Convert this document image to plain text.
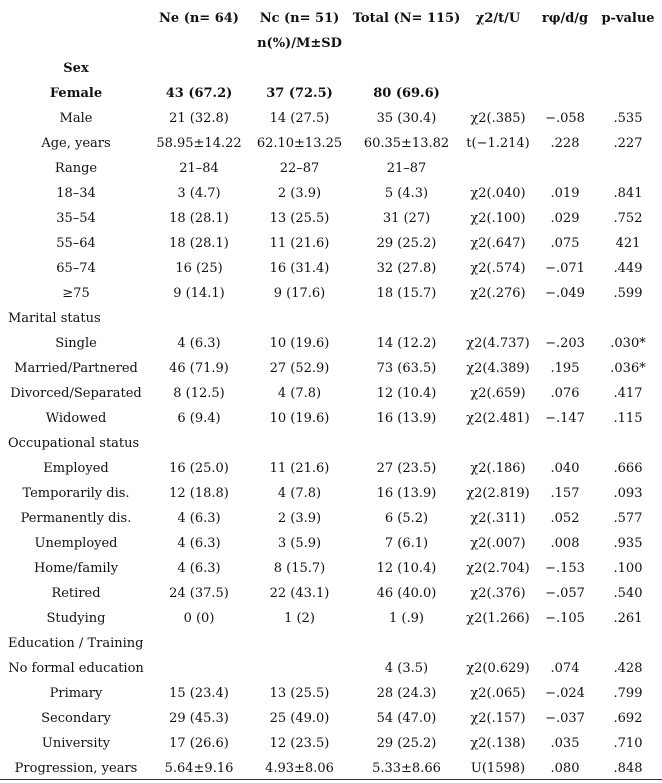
	Ne (n= 64)	Nc (n= 51)	Total (N= 115)	χ2/t/U	rφ/d/g	p-value
		n(%)/M±SD				
Sex						
Female	43 (67.2)	37 (72.5)	80 (69.6)			
Male	21 (32.8)	14 (27.5)	35 (30.4)	χ2(.385)	−.058	.535
Age, years	58.95±14.22	62.10±13.25	60.35±13.82	t(−1.214)	.228	.227
Range	21–84	22–87	21–87			
18–34	3 (4.7)	2 (3.9)	5 (4.3)	χ2(.040)	.019	.841
35–54	18 (28.1)	13 (25.5)	31 (27)	χ2(.100)	.029	.752
55–64	18 (28.1)	11 (21.6)	29 (25.2)	χ2(.647)	.075	421
65–74	16 (25)	16 (31.4)	32 (27.8)	χ2(.574)	−.071	.449
≥75	9 (14.1)	9 (17.6)	18 (15.7)	χ2(.276)	−.049	.599
Marital status						
Single	4 (6.3)	10 (19.6)	14 (12.2)	χ2(4.737)	−.203	.030*
Married/Partnered	46 (71.9)	27 (52.9)	73 (63.5)	χ2(4.389)	.195	.036*
Divorced/Separated	8 (12.5)	4 (7.8)	12 (10.4)	χ2(.659)	.076	.417
Widowed	6 (9.4)	10 (19.6)	16 (13.9)	χ2(2.481)	−.147	.115
Occupational status						
Employed	16 (25.0)	11 (21.6)	27 (23.5)	χ2(.186)	.040	.666
Temporarily dis.	12 (18.8)	4 (7.8)	16 (13.9)	χ2(2.819)	.157	.093
Permanently dis.	4 (6.3)	2 (3.9)	6 (5.2)	χ2(.311)	.052	.577
Unemployed	4 (6.3)	3 (5.9)	7 (6.1)	χ2(.007)	.008	.935
Home/family	4 (6.3)	8 (15.7)	12 (10.4)	χ2(2.704)	−.153	.100
Retired	24 (37.5)	22 (43.1)	46 (40.0)	χ2(.376)	−.057	.540
Studying	0 (0)	1 (2)	1 (.9)	χ2(1.266)	−.105	.261
Education / Training						
No formal education			4 (3.5)	χ2(0.629)	.074	.428
Primary	15 (23.4)	13 (25.5)	28 (24.3)	χ2(.065)	−.024	.799
Secondary	29 (45.3)	25 (49.0)	54 (47.0)	χ2(.157)	−.037	.692
University	17 (26.6)	12 (23.5)	29 (25.2)	χ2(.138)	.035	.710
Progression, years	5.64±9.16	4.93±8.06	5.33±8.66	U(1598)	.080	.848
